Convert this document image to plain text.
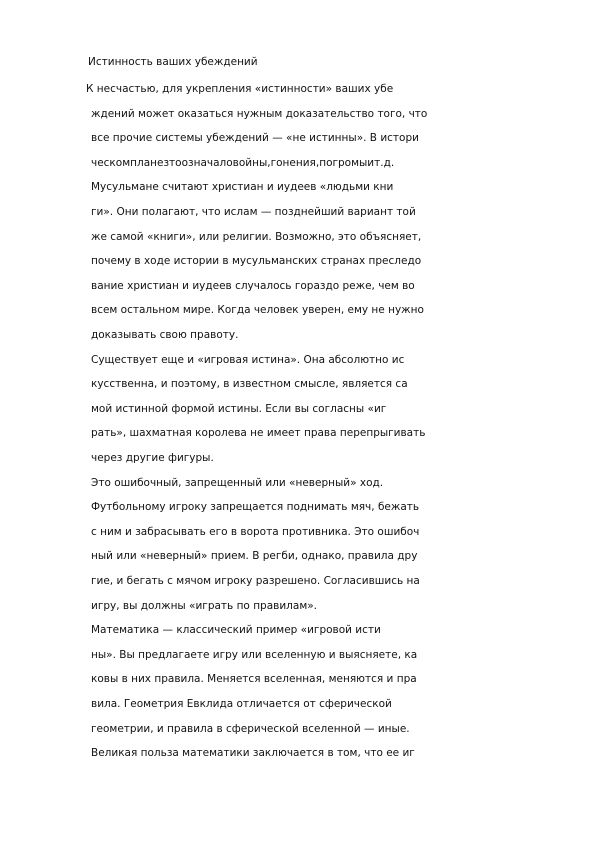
Истинность ваших убеждений
К несчастью, для укрепления «истинности» ваших убе
ждений может оказаться нужным доказательство того, что
все прочие системы убеждений — «не истинны». В истори
ческомпланезтоозначаловойны,гонения,погромыит.д.
Мусульмане считают христиан и иудеев «людьми кни
ги». Они полагают, что ислам — позднейший вариант той
же самой «книги», или религии. Возможно, это объясняет,
почему в ходе истории в мусульманских странах преследо
вание христиан и иудеев случалось гораздо реже, чем во
всем остальном мире. Когда человек уверен, ему не нужно
доказывать свою правоту.
Существует еще и «игровая истина». Она абсолютно ис
кусственна, и поэтому, в известном смысле, является са
мой истинной формой истины. Если вы согласны «иг
рать», шахматная королева не имеет права перепрыгивать
через другие фигуры.
Это ошибочный, запрещенный или «неверный» ход.
Футбольному игроку запрещается поднимать мяч, бежать
с ним и забрасывать его в ворота противника. Это ошибоч
ный или «неверный» прием. В регби, однако, правила дру
гие, и бегать с мячом игроку разрешено. Согласившись на
игру, вы должны «играть по правилам».
Математика — классический пример «игровой исти
ны». Вы предлагаете игру или вселенную и выясняете, ка
ковы в них правила. Меняется вселенная, меняются и пра
вила. Геометрия Евклида отличается от сферической
геометрии, и правила в сферической вселенной — иные.
Великая польза математики заключается в том, что ее иг
